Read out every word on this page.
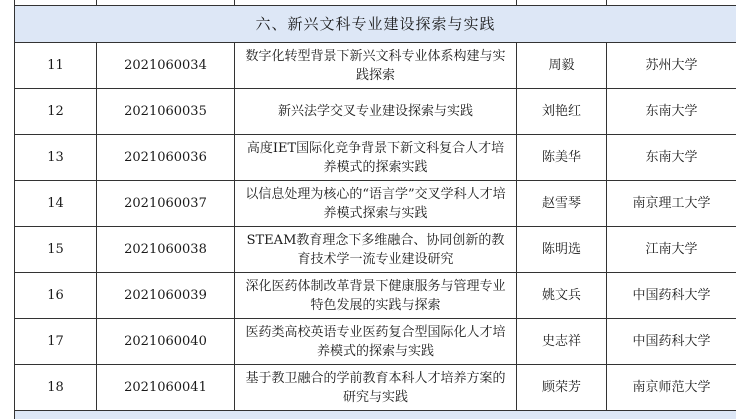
六、新兴文科专业建设探索与实践				
11	2021060034	数字化转型背景下新兴文科专业体系构建与实践探索	周毅	苏州大学
12	2021060035	新兴法学交叉专业建设探索与实践	刘艳红	东南大学
13	2021060036	高度IET国际化竞争背景下新文科复合人才培养模式的探索实践	陈美华	东南大学
14	2021060037	以信息处理为核心的“语言学”交叉学科人才培养模式探索与实践	赵雪琴	南京理工大学
15	2021060038	STEAM教育理念下多维融合、协同创新的教育技术学一流专业建设研究	陈明选	江南大学
16	2021060039	深化医药体制改革背景下健康服务与管理专业特色发展的实践与探索	姚文兵	中国药科大学
17	2021060040	医药类高校英语专业医药复合型国际化人才培养模式的探索与实践	史志祥	中国药科大学
18	2021060041	基于教卫融合的学前教育本科人才培养方案的研究与实践	顾荣芳	南京师范大学
